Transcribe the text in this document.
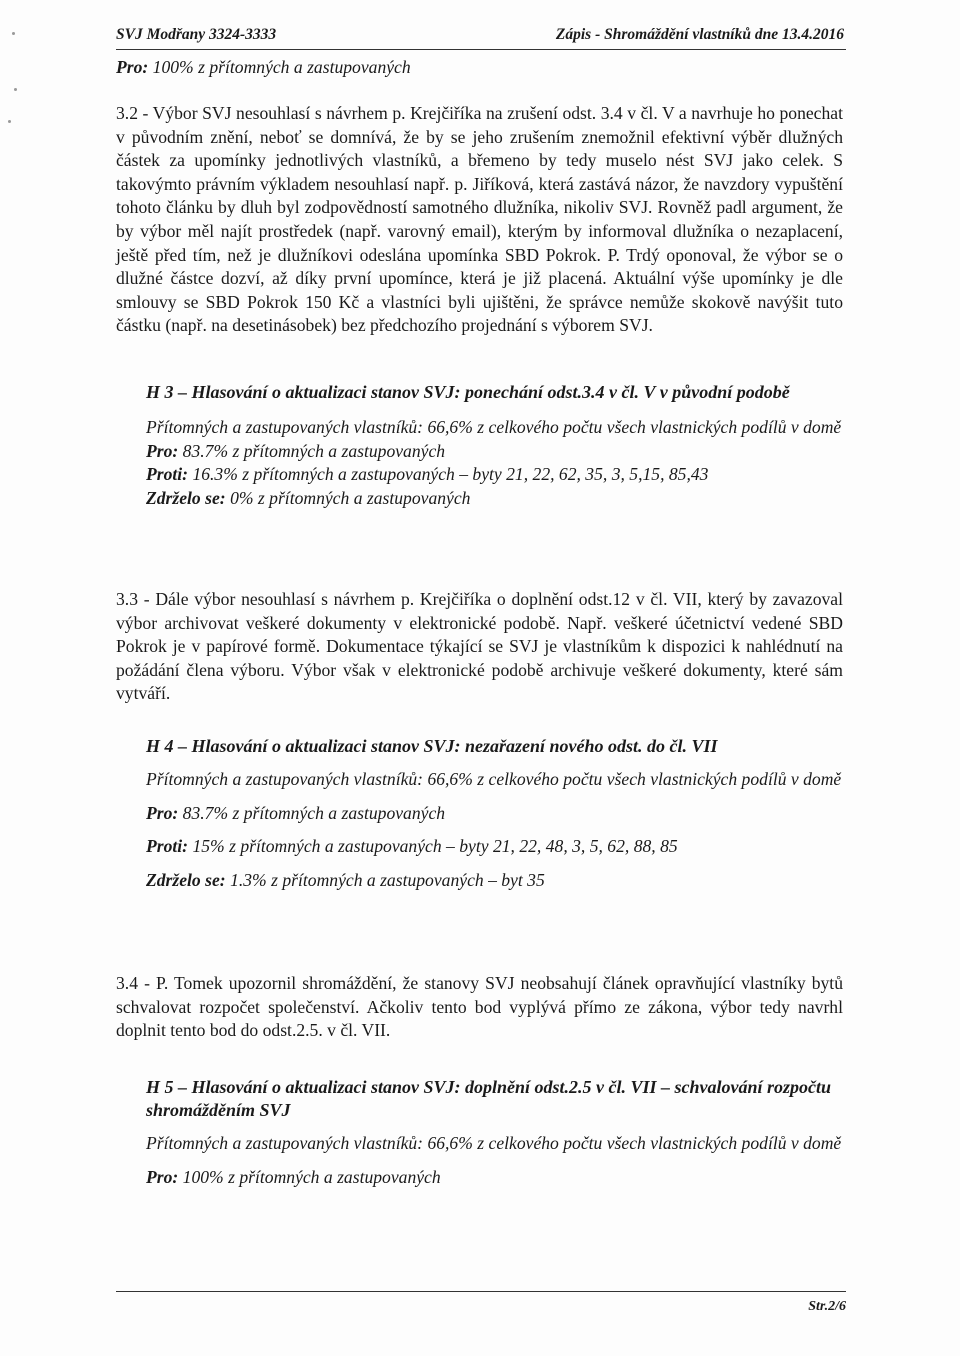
SVJ Modřany 3324-3333	Zápis - Shromáždění vlastníků dne 13.4.2016
Pro: 100% z přítomných a zastupovaných

3.2 - Výbor SVJ nesouhlasí s návrhem p. Krejčiříka na zrušení odst. 3.4 v čl. V a navrhuje ho ponechat v původním znění, neboť se domnívá, že by se jeho zrušením znemožnil efektivní výběr dlužných částek za upomínky jednotlivých vlastníků, a břemeno by tedy muselo nést SVJ jako celek. S takovýmto právním výkladem nesouhlasí např. p. Jiříková, která zastává názor, že navzdory vypuštění tohoto článku by dluh byl zodpovědností samotného dlužníka, nikoliv SVJ. Rovněž padl argument, že by výbor měl najít prostředek (např. varovný email), kterým by informoval dlužníka o nezaplacení, ještě před tím, než je dlužníkovi odeslána upomínka SBD Pokrok. P. Trdý oponoval, že výbor se o dlužné částce dozví, až díky první upomínce, která je již placená. Aktuální výše upomínky je dle smlouvy se SBD Pokrok 150 Kč a vlastníci byli ujištěni, že správce nemůže skokově navýšit tuto částku (např. na desetinásobek) bez předchozího projednání s výborem SVJ.

H 3 – Hlasování o aktualizaci stanov SVJ: ponechání odst.3.4 v čl. V v původní podobě
Přítomných a zastupovaných vlastníků: 66,6% z celkového počtu všech vlastnických podílů v domě
Pro: 83.7% z přítomných a zastupovaných
Proti: 16.3% z přítomných a zastupovaných – byty 21, 22, 62, 35, 3, 5,15, 85,43
Zdrželo se: 0% z přítomných a zastupovaných

3.3 - Dále výbor nesouhlasí s návrhem p. Krejčiříka o doplnění odst.12 v čl. VII, který by zavazoval výbor archivovat veškeré dokumenty v elektronické podobě. Např. veškeré účetnictví vedené SBD Pokrok je v papírové formě. Dokumentace týkající se SVJ je vlastníkům k dispozici k nahlédnutí na požádání člena výboru. Výbor však v elektronické podobě archivuje veškeré dokumenty, které sám vytváří.

H 4 – Hlasování o aktualizaci stanov SVJ: nezařazení nového odst. do čl. VII
Přítomných a zastupovaných vlastníků: 66,6% z celkového počtu všech vlastnických podílů v domě
Pro: 83.7% z přítomných a zastupovaných
Proti: 15% z přítomných a zastupovaných – byty 21, 22, 48, 3, 5, 62, 88, 85
Zdrželo se: 1.3% z přítomných a zastupovaných – byt 35

3.4 - P. Tomek upozornil shromáždění, že stanovy SVJ neobsahují článek opravňující vlastníky bytů schvalovat rozpočet společenství. Ačkoliv tento bod vyplývá přímo ze zákona, výbor tedy navrhl doplnit tento bod do odst.2.5. v čl. VII.

H 5 – Hlasování o aktualizaci stanov SVJ: doplnění odst.2.5 v čl. VII – schvalování rozpočtu shromážděním SVJ
Přítomných a zastupovaných vlastníků: 66,6% z celkového počtu všech vlastnických podílů v domě
Pro: 100% z přítomných a zastupovaných
Str.2/6
